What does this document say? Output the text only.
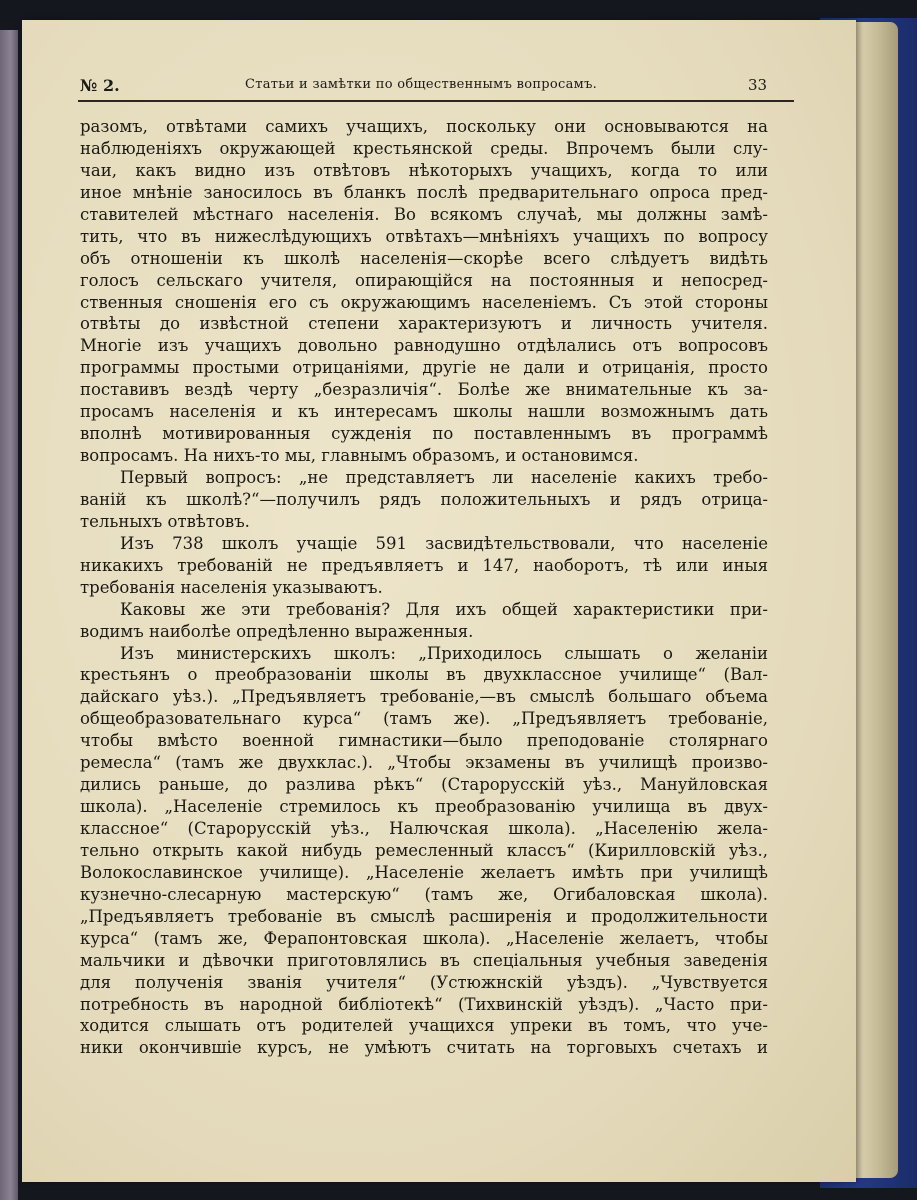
№ 2.	Статьи и замѣтки по общественнымъ вопросамъ.	33
разомъ, отвѣтами самихъ учащихъ, поскольку они основываются на
наблюденіяхъ окружающей крестьянской среды. Впрочемъ были слу-
чаи, какъ видно изъ отвѣтовъ нѣкоторыхъ учащихъ, когда то или
иное мнѣніе заносилось въ бланкъ послѣ предварительнаго опроса пред-
ставителей мѣстнаго населенія. Во всякомъ случаѣ, мы должны замѣ-
тить, что въ нижеслѣдующихъ отвѣтахъ—мнѣніяхъ учащихъ по вопросу
объ отношеніи къ школѣ населенія—скорѣе всего слѣдуетъ видѣть
голосъ сельскаго учителя, опирающійся на постоянныя и непосред-
ственныя сношенія его съ окружающимъ населеніемъ. Съ этой стороны
отвѣты до извѣстной степени характеризуютъ и личность учителя.
Многіе изъ учащихъ довольно равнодушно отдѣлались отъ вопросовъ
программы простыми отрицаніями, другіе не дали и отрицанія, просто
поставивъ вездѣ черту „безразличія“. Болѣе же внимательные къ за-
просамъ населенія и къ интересамъ школы нашли возможнымъ дать
вполнѣ мотивированныя сужденія по поставленнымъ въ программѣ
вопросамъ. На нихъ-то мы, главнымъ образомъ, и остановимся.
Первый вопросъ: „не представляетъ ли населеніе какихъ требо-
ваній къ школѣ?“—получилъ рядъ положительныхъ и рядъ отрица-
тельныхъ отвѣтовъ.
Изъ 738 школъ учащіе 591 засвидѣтельствовали, что населеніе
никакихъ требованій не предъявляетъ и 147, наоборотъ, тѣ или иныя
требованія населенія указываютъ.
Каковы же эти требованія? Для ихъ общей характеристики при-
водимъ наиболѣе опредѣленно выраженныя.
Изъ министерскихъ школъ: „Приходилось слышать о желаніи
крестьянъ о преобразованіи школы въ двухклассное училище“ (Вал-
дайскаго уѣз.). „Предъявляетъ требованіе,—въ смыслѣ большаго объема
общеобразовательнаго курса“ (тамъ же). „Предъявляетъ требованіе,
чтобы вмѣсто военной гимнастики—было преподованіе столярнаго
ремесла“ (тамъ же двухклас.). „Чтобы экзамены въ училищѣ произво-
дились раньше, до разлива рѣкъ“ (Старорусскій уѣз., Мануйловская
школа). „Населеніе стремилось къ преобразованію училища въ двух-
классное“ (Старорусскій уѣз., Налючская школа). „Населенію жела-
тельно открыть какой нибудь ремесленный классъ“ (Кирилловскій уѣз.,
Волокославинское училище). „Населеніе желаетъ имѣть при училищѣ
кузнечно-слесарную мастерскую“ (тамъ же, Огибаловская школа).
„Предъявляетъ требованіе въ смыслѣ расширенія и продолжительности
курса“ (тамъ же, Ферапонтовская школа). „Населеніе желаетъ, чтобы
мальчики и дѣвочки приготовлялись въ спеціальныя учебныя заведенія
для полученія званія учителя“ (Устюжнскій уѣздъ). „Чувствуется
потребность въ народной библіотекѣ“ (Тихвинскій уѣздъ). „Часто при-
ходится слышать отъ родителей учащихся упреки въ томъ, что уче-
ники окончившіе курсъ, не умѣютъ считать на торговыхъ счетахъ и
